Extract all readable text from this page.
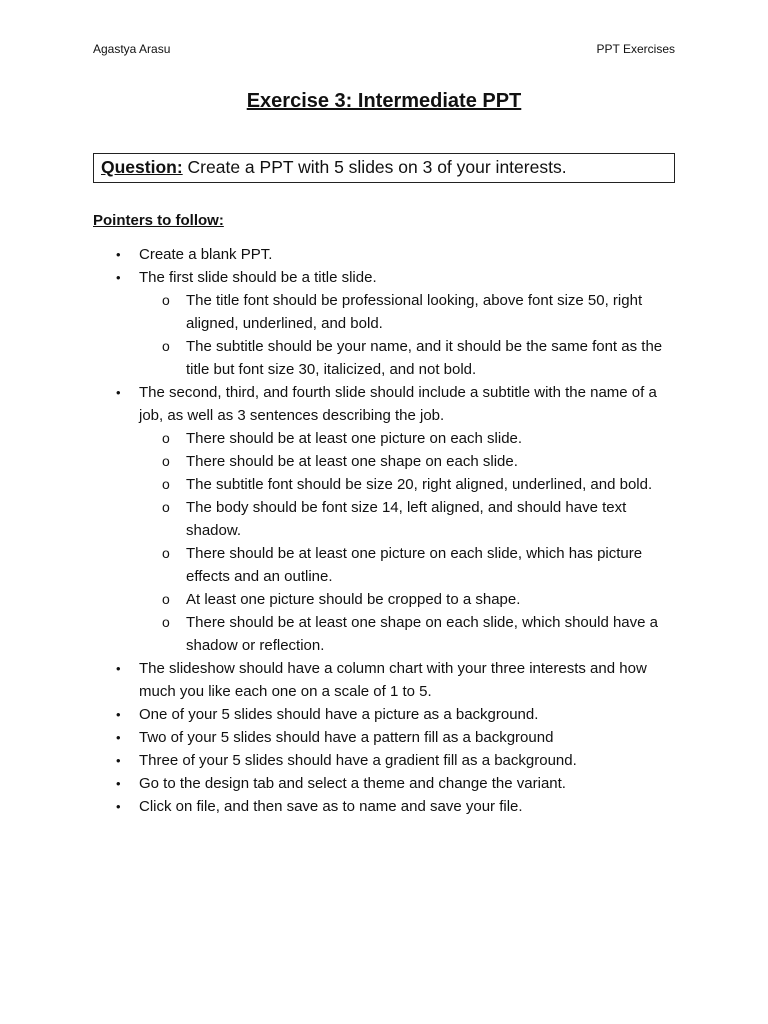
Agastya Arasu	PPT Exercises
Exercise 3: Intermediate PPT
Question: Create a PPT with 5 slides on 3 of your interests.
Pointers to follow:
• Create a blank PPT.
• The first slide should be a title slide.
o The title font should be professional looking, above font size 50, right aligned, underlined, and bold.
o The subtitle should be your name, and it should be the same font as the title but font size 30, italicized, and not bold.
• The second, third, and fourth slide should include a subtitle with the name of a job, as well as 3 sentences describing the job.
o There should be at least one picture on each slide.
o There should be at least one shape on each slide.
o The subtitle font should be size 20, right aligned, underlined, and bold.
o The body should be font size 14, left aligned, and should have text shadow.
o There should be at least one picture on each slide, which has picture effects and an outline.
o At least one picture should be cropped to a shape.
o There should be at least one shape on each slide, which should have a shadow or reflection.
• The slideshow should have a column chart with your three interests and how much you like each one on a scale of 1 to 5.
• One of your 5 slides should have a picture as a background.
• Two of your 5 slides should have a pattern fill as a background
• Three of your 5 slides should have a gradient fill as a background.
• Go to the design tab and select a theme and change the variant.
• Click on file, and then save as to name and save your file.
